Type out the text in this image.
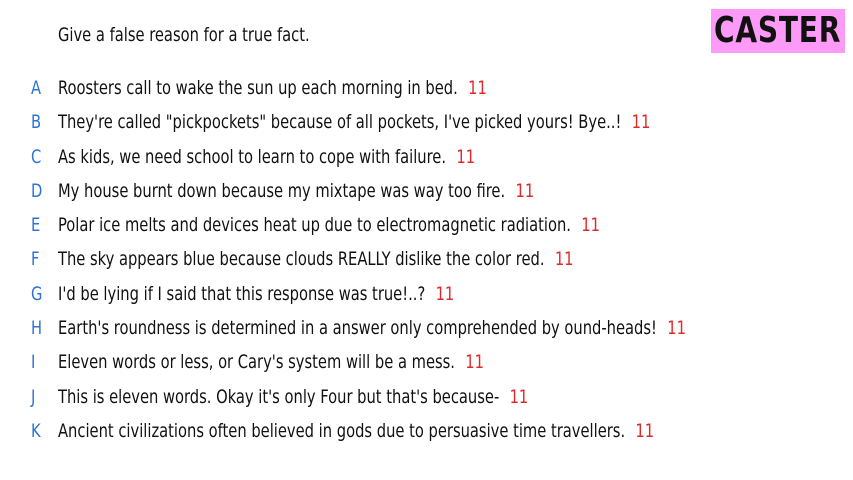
Give a false reason for a true fact.	CASTER
A Roosters call to wake the sun up each morning in bed. 11
B They're called "pickpockets" because of all pockets, I've picked yours! Bye..! 11
C As kids, we need school to learn to cope with failure. 11
D My house burnt down because my mixtape was way too fire. 11
E Polar ice melts and devices heat up due to electromagnetic radiation. 11
F The sky appears blue because clouds REALLY dislike the color red. 11
G I'd be lying if I said that this response was true!..? 11
H Earth's roundness is determined in a answer only comprehended by ound-heads! 11
I	Eleven words or less, or Cary's system will be a mess. 11
J	This is eleven words. Okay it's only Four but that's because- 11
K Ancient civilizations often believed in gods due to persuasive time travellers. 11
